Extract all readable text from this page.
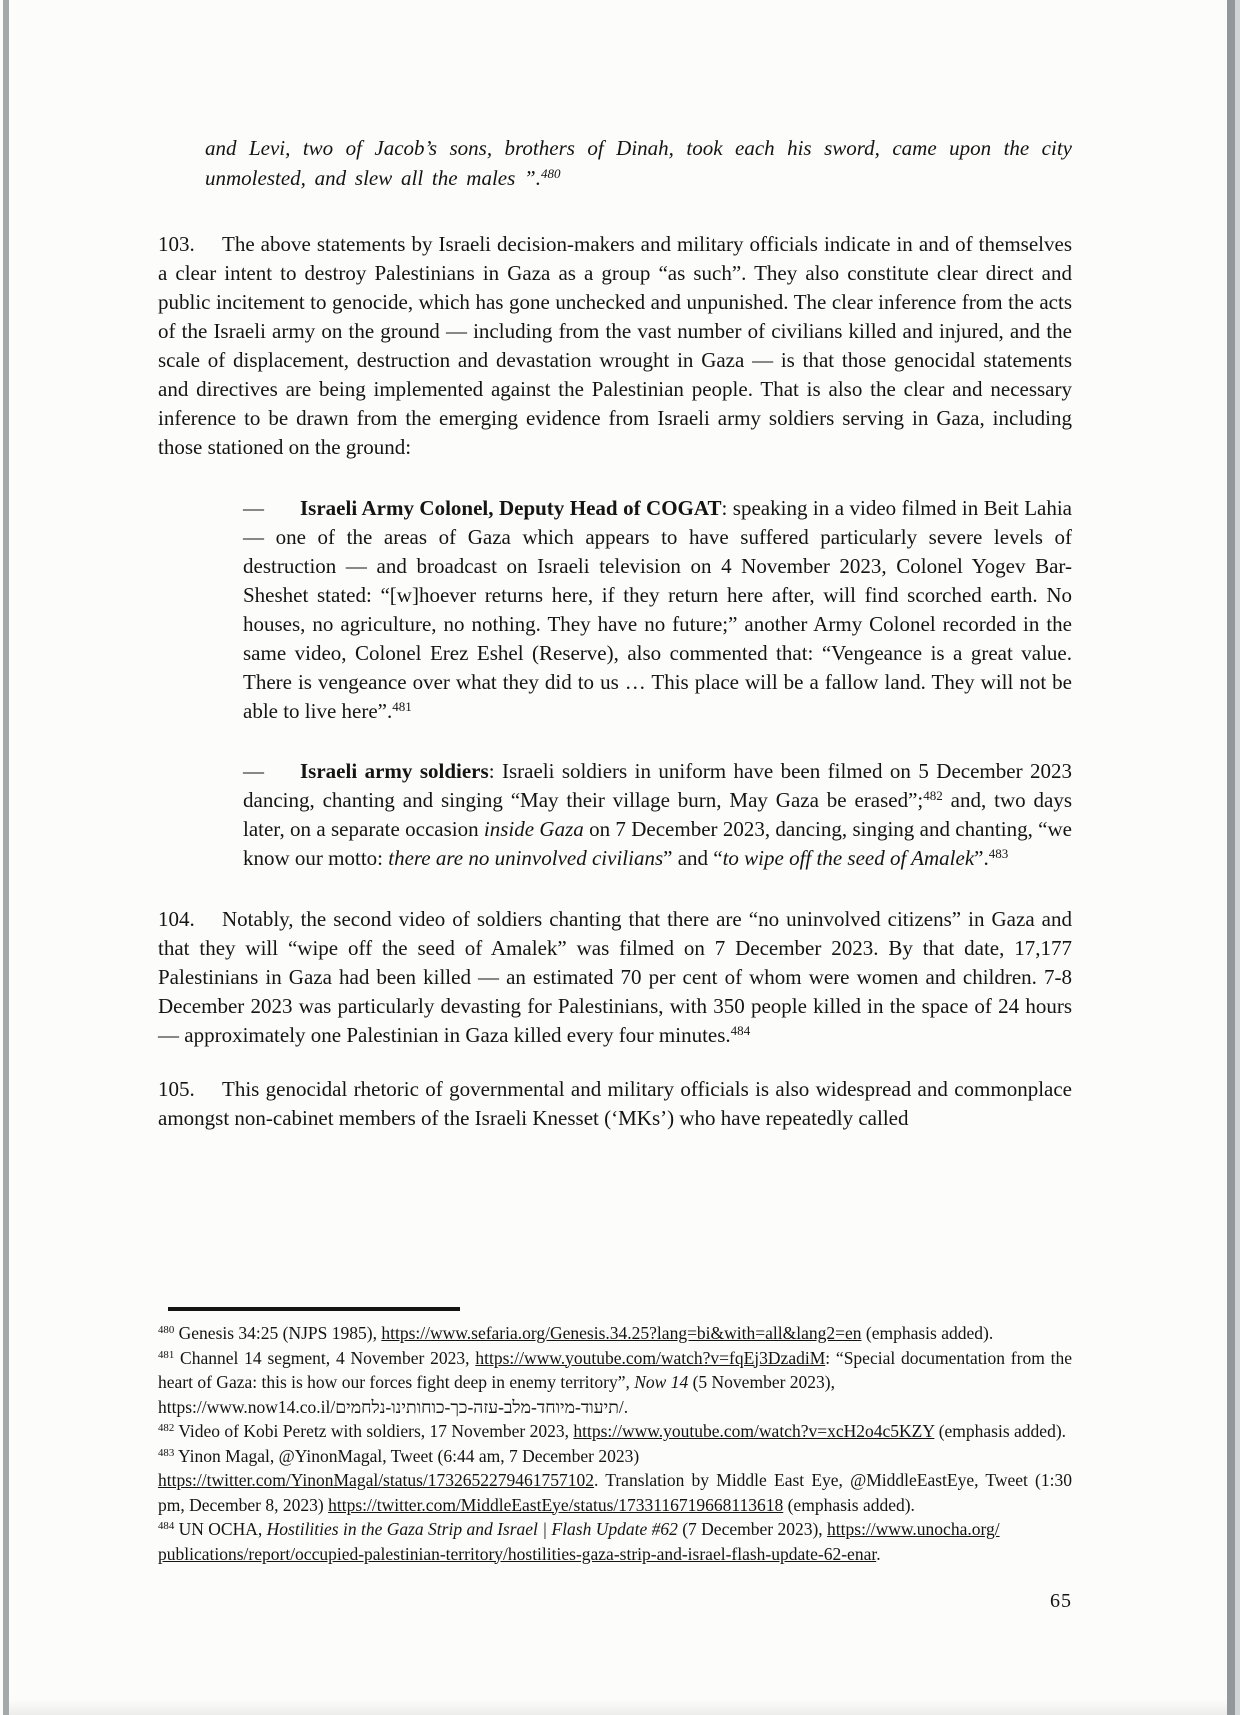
and Levi, two of Jacob’s sons, brothers of Dinah, took each his sword, came upon the city unmolested, and slew all the males ”.$^{480}$
103. The above statements by Israeli decision-makers and military officials indicate in and of themselves a clear intent to destroy Palestinians in Gaza as a group “as such”. They also constitute clear direct and public incitement to genocide, which has gone unchecked and unpunished. The clear inference from the acts of the Israeli army on the ground — including from the vast number of civilians killed and injured, and the scale of displacement, destruction and devastation wrought in Gaza — is that those genocidal statements and directives are being implemented against the Palestinian people. That is also the clear and necessary inference to be drawn from the emerging evidence from Israeli army soldiers serving in Gaza, including those stationed on the ground:
— Israeli Army Colonel, Deputy Head of COGAT: speaking in a video filmed in Beit Lahia — one of the areas of Gaza which appears to have suffered particularly severe levels of destruction — and broadcast on Israeli television on 4 November 2023, Colonel Yogev Bar-Sheshet stated: “[w]hoever returns here, if they return here after, will find scorched earth. No houses, no agriculture, no nothing. They have no future;” another Army Colonel recorded in the same video, Colonel Erez Eshel (Reserve), also commented that: “Vengeance is a great value. There is vengeance over what they did to us … This place will be a fallow land. They will not be able to live here”.$^{481}$
— Israeli army soldiers: Israeli soldiers in uniform have been filmed on 5 December 2023 dancing, chanting and singing “May their village burn, May Gaza be erased”;$^{482}$ and, two days later, on a separate occasion inside Gaza on 7 December 2023, dancing, singing and chanting, “we know our motto: there are no uninvolved civilians” and “to wipe off the seed of Amalek”.$^{483}$
104. Notably, the second video of soldiers chanting that there are “no uninvolved citizens” in Gaza and that they will “wipe off the seed of Amalek” was filmed on 7 December 2023. By that date, 17,177 Palestinians in Gaza had been killed — an estimated 70 per cent of whom were women and children. 7-8 December 2023 was particularly devasting for Palestinians, with 350 people killed in the space of 24 hours — approximately one Palestinian in Gaza killed every four minutes.$^{484}$
105. This genocidal rhetoric of governmental and military officials is also widespread and commonplace amongst non-cabinet members of the Israeli Knesset (‘MKs’) who have repeatedly called
$^{480}$ Genesis 34:25 (NJPS 1985), https://www.sefaria.org/Genesis.34.25?lang=bi&with=all&lang2=en (emphasis added).
$^{481}$ Channel 14 segment, 4 November 2023, https://www.youtube.com/watch?v=fqEj3DzadiM: “Special documentation from the heart of Gaza: this is how our forces fight deep in enemy territory”, Now 14 (5 November 2023),
https://www.now14.co.il/תיעוד-מיוחד-מלב-עזה-כך-כוחותינו-נלחמים/.
$^{482}$ Video of Kobi Peretz with soldiers, 17 November 2023, https://www.youtube.com/watch?v=xcH2o4c5KZY (emphasis added).
$^{483}$ Yinon Magal, @YinonMagal, Tweet (6:44 am, 7 December 2023)
https://twitter.com/YinonMagal/status/1732652279461757102. Translation by Middle East Eye, @MiddleEastEye, Tweet (1:30 pm, December 8, 2023) https://twitter.com/MiddleEastEye/status/1733116719668113618 (emphasis added).
$^{484}$ UN OCHA, Hostilities in the Gaza Strip and Israel | Flash Update #62 (7 December 2023), https://www.unocha.org/
publications/report/occupied-palestinian-territory/hostilities-gaza-strip-and-israel-flash-update-62-enar.
65
